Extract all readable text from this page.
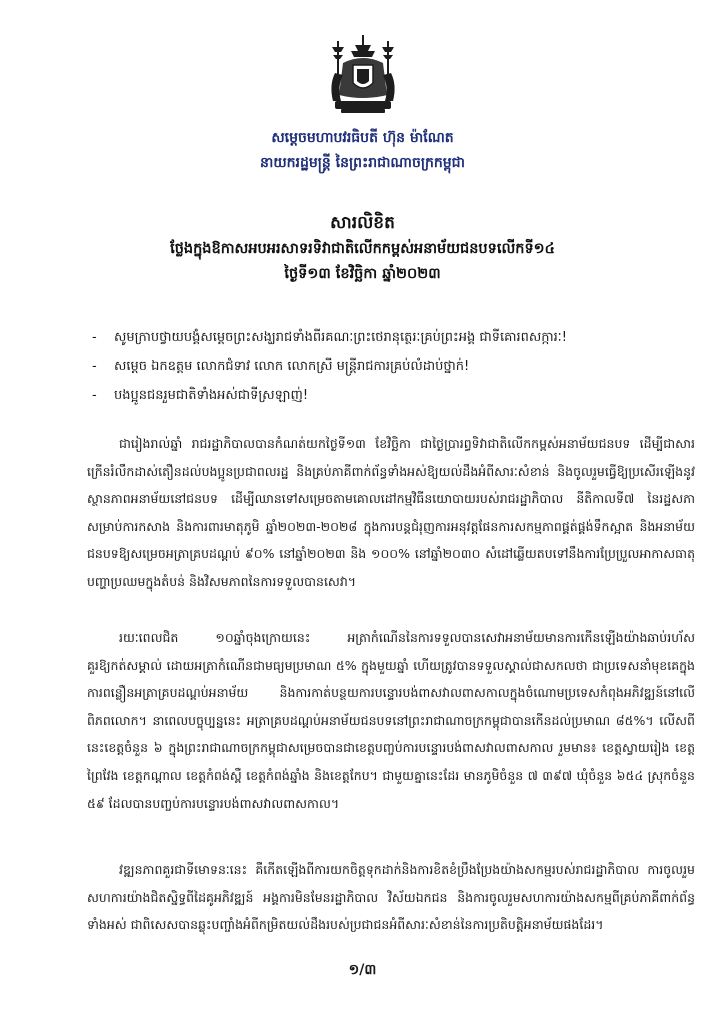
សម្តេចមហាបវរធិបតី ហ៊ុន ម៉ាណែត
នាយករដ្ឋមន្ត្រី នៃព្រះរាជាណាចក្រកម្ពុជា
សារលិខិត
ថ្លែងក្នុងឱកាសអបអរសាទរទិវាជាតិលើកកម្ពស់អនាម័យជនបទលើកទី១៤
ថ្ងៃទី១៣ ខែវិច្ឆិកា ឆ្នាំ២០២៣
- សូមក្រាបថ្វាយបង្គំសម្តេចព្រះសង្ឃរាជទាំងពីរគណៈព្រះថេរានុត្ថេរៈគ្រប់ព្រះអង្គ ជាទីគោរពសក្ការៈ!
- សម្តេច ឯកឧត្តម លោកជំទាវ លោក លោកស្រី មន្ត្រីរាជការគ្រប់លំដាប់ថ្នាក់!
- បងប្អូនជនរួមជាតិទាំងអស់ជាទីស្រឡាញ់!

ជារៀងរាល់ឆ្នាំ រាជរដ្ឋាភិបាលបានកំណត់យកថ្ងៃទី១៣ ខែវិច្ឆិកា ជាថ្ងៃប្រារព្ធទិវាជាតិលើកកម្ពស់អនាម័យជនបទ ដើម្បីជាសារក្រើនរំលឹកដាស់តឿនដល់បងប្អូនប្រជាពលរដ្ឋ និងគ្រប់ភាគីពាក់ព័ន្ធទាំងអស់ឱ្យយល់ដឹងអំពីសារៈសំខាន់ និងចូលរួមធ្វើឱ្យប្រសើរឡើងនូវស្ថានភាពអនាម័យនៅជនបទ ដើម្បីឈានទៅសម្រេចតាមគោលដៅកម្មវិធីនយោបាយរបស់រាជរដ្ឋាភិបាល នីតិកាលទី៧ នៃរដ្ឋសភាសម្រាប់ការកសាង និងការពារមាតុភូមិ ឆ្នាំ២០២៣-២០២៨ ក្នុងការបន្តជំរុញការអនុវត្តផែនការសកម្មភាពផ្គត់ផ្គង់ទឹកស្អាត និងអនាម័យជនបទឱ្យសម្រេចអត្រាគ្របដណ្តប់ ៩០% នៅឆ្នាំ២០២៣ និង ១០០% នៅឆ្នាំ២០៣០ សំដៅឆ្លើយតបទៅនឹងការប្រែប្រួលអាកាសធាតុ បញ្ហាប្រឈមក្នុងតំបន់ និងវិសមភាពនៃការទទួលបានសេវា។

រយៈពេលជិត ១០ឆ្នាំចុងក្រោយនេះ អត្រាកំណើននៃការទទួលបានសេវាអនាម័យមានការកើនឡើងយ៉ាងឆាប់រហ័សគួរឱ្យកត់សម្គាល់ ដោយអត្រាកំណើនជាមធ្យមប្រមាណ ៥% ក្នុងមួយឆ្នាំ ហើយត្រូវបានទទួលស្គាល់ជាសកលថា ជាប្រទេសនាំមុខគេក្នុងការពន្លឿនអត្រាគ្របដណ្តប់អនាម័យ និងការកាត់បន្ថយការបន្ទោរបង់ពាសវាលពាសកាលក្នុងចំណោមប្រទេសកំពុងអភិវឌ្ឍន៍នៅលើពិភពលោក។ នាពេលបច្ចុប្បន្ននេះ អត្រាគ្របដណ្តប់អនាម័យជនបទនៅព្រះរាជាណាចក្រកម្ពុជាបានកើនដល់ប្រមាណ ៨៥%។ លើសពីនេះខេត្តចំនួន ៦ ក្នុងព្រះរាជាណាចក្រកម្ពុជាសម្រេចបានជាខេត្តបញ្ចប់ការបន្ទោរបង់ពាសវាលពាសកាល រួមមាន៖ ខេត្តស្វាយរៀង ខេត្តព្រៃវែង ខេត្តកណ្តាល ខេត្តកំពង់ស្ពឺ ខេត្តកំពង់ឆ្នាំង និងខេត្តកែប។ ជាមួយគ្នានេះដែរ មានភូមិចំនួន ៧ ៣៩៧ ឃុំចំនួន ៦៥៤ ស្រុកចំនួន ៥៩ ដែលបានបញ្ចប់ការបន្ទោរបង់ពាសវាលពាសកាល។

វឌ្ឍនភាពគួរជាទីមោទនៈនេះ គឺកើតឡើងពីការយកចិត្តទុកដាក់និងការខិតខំប្រឹងប្រែងយ៉ាងសកម្មរបស់រាជរដ្ឋាភិបាល ការចូលរួមសហការយ៉ាងជិតស្និទ្ធពីដៃគូអភិវឌ្ឍន៍ អង្គការមិនមែនរដ្ឋាភិបាល វិស័យឯកជន និងការចូលរួមសហការយ៉ាងសកម្មពីគ្រប់ភាគីពាក់ព័ន្ធទាំងអស់ ជាពិសេសបានឆ្លុះបញ្ចាំងអំពីកម្រិតយល់ដឹងរបស់ប្រជាជនអំពីសារៈសំខាន់នៃការប្រតិបត្តិអនាម័យផងដែរ។

១/៣
